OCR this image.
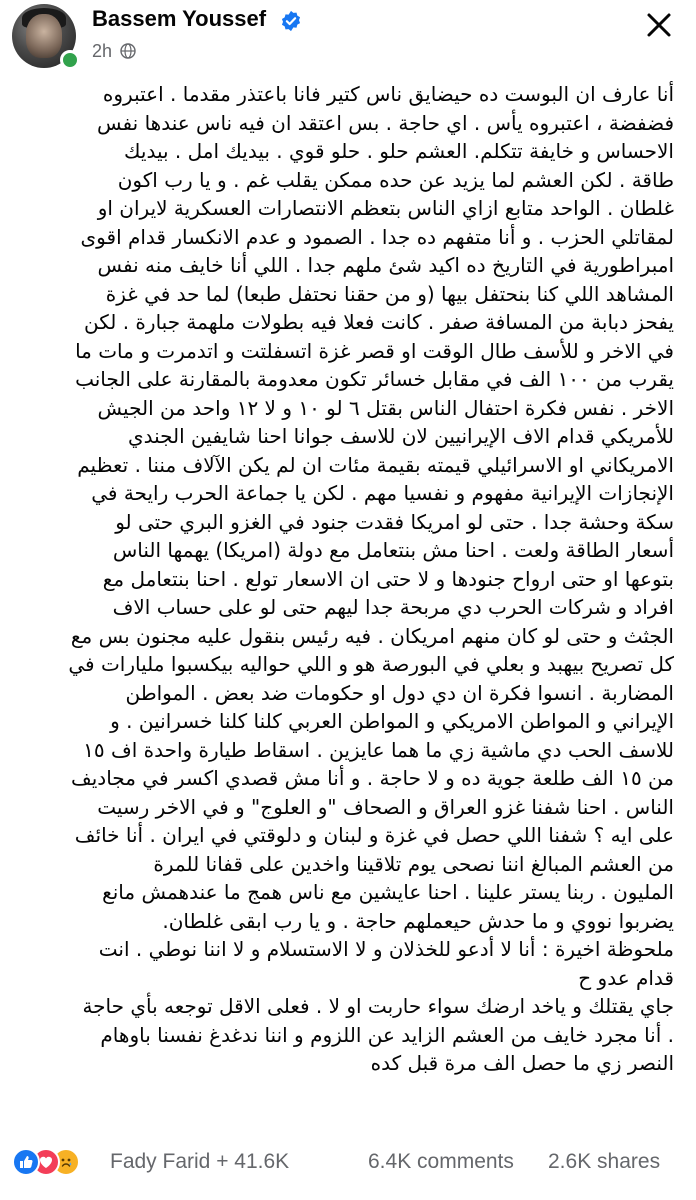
Bassem Youssef
2h
أنا عارف ان البوست ده حيضايق ناس كتير فانا باعتذر مقدما . اعتبروه
فضفضة ، اعتبروه يأس . اي حاجة . بس اعتقد ان فيه ناس عندها نفس
الاحساس و خايفة تتكلم. العشم حلو . حلو قوي . بيديك امل . بيديك
طاقة . لكن العشم لما يزيد عن حده ممكن يقلب غم . و يا رب اكون
غلطان . الواحد متابع ازاي الناس بتعظم الانتصارات العسكرية لايران او
لمقاتلي الحزب . و أنا متفهم ده جدا . الصمود و عدم الانكسار قدام اقوى
امبراطورية في التاريخ ده اكيد شئ ملهم جدا . اللي أنا خايف منه نفس
المشاهد اللي كنا بنحتفل بيها (و من حقنا نحتفل طبعا) لما حد في غزة
يفحز دبابة من المسافة صفر . كانت فعلا فيه بطولات ملهمة جبارة . لكن
في الاخر و للأسف طال الوقت او قصر غزة اتسفلتت و اتدمرت و مات ما
يقرب من ١٠٠ الف في مقابل خسائر تكون معدومة بالمقارنة على الجانب
الاخر . نفس فكرة احتفال الناس بقتل ٦ لو ١٠ و لا ١٢ واحد من الجيش
للأمريكي قدام الاف الإيرانيين لان للاسف جوانا احنا شايفين الجندي
الامريكاني او الاسرائيلي قيمته بقيمة مئات ان لم يكن الآلاف مننا . تعظيم
الإنجازات الإيرانية مفهوم و نفسيا مهم . لكن يا جماعة الحرب رايحة في
سكة وحشة جدا . حتى لو امريكا فقدت جنود في الغزو البري حتى لو
أسعار الطاقة ولعت . احنا مش بنتعامل مع دولة (امريكا) يهمها الناس
بتوعها او حتى ارواح جنودها و لا حتى ان الاسعار تولع . احنا بنتعامل مع
افراد و شركات الحرب دي مربحة جدا ليهم حتى لو على حساب الاف
الجثث و حتى لو كان منهم امريكان . فيه رئيس بنقول عليه مجنون بس مع
كل تصريح بيهبد و بعلي في البورصة هو و اللي حواليه بيكسبوا مليارات في
المضاربة . انسوا فكرة ان دي دول او حكومات ضد بعض . المواطن
الإيراني و المواطن الامريكي و المواطن العربي كلنا كلنا خسرانين . و
للاسف الحب دي ماشية زي ما هما عايزين . اسقاط طيارة واحدة اف ١٥
من ١٥ الف طلعة جوية ده و لا حاجة . و أنا مش قصدي اكسر في مجاديف
الناس . احنا شفنا غزو العراق و الصحاف "و العلوج" و في الاخر رسيت
على ايه ؟ شفنا اللي حصل في غزة و لبنان و دلوقتي في ايران . أنا خائف
من العشم المبالغ اننا نصحى يوم تلاقينا واخدين على قفانا للمرة
المليون . ربنا يستر علينا . احنا عايشين مع ناس همج ما عندهمش مانع
يضربوا نووي و ما حدش حيعملهم حاجة . و يا رب ابقى غلطان.
ملحوظة اخيرة : أنا لا أدعو للخذلان و لا الاستسلام و لا اننا نوطي . انت
قدام عدو ح
جاي يقتلك و ياخد ارضك سواء حاربت او لا . فعلى الاقل توجعه بأي حاجة
. أنا مجرد خايف من العشم الزايد عن اللزوم و اننا ندغدغ نفسنا باوهام
النصر زي ما حصل الف مرة قبل كده
Fady Farid + 41.6K	6.4K comments 2.6K shares
